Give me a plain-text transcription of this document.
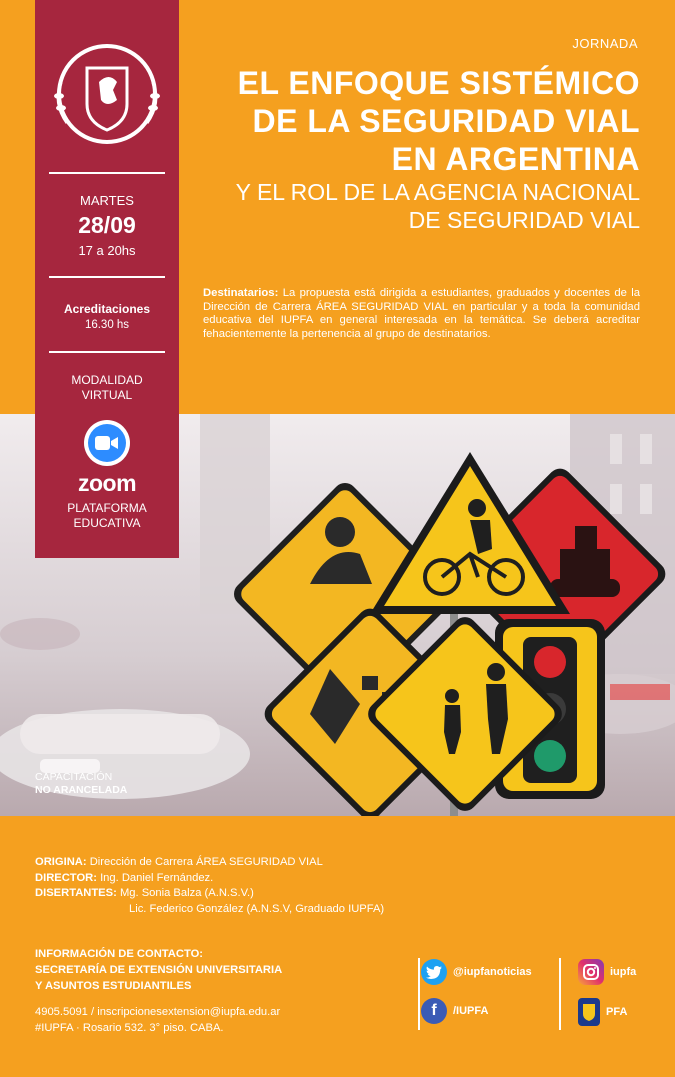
JORNADA
EL ENFOQUE SISTÉMICO
DE LA SEGURIDAD VIAL
EN ARGENTINA
Y EL ROL DE LA AGENCIA NACIONAL
DE SEGURIDAD VIAL
Destinatarios: La propuesta está dirigida a estudiantes, graduados y docentes de la Dirección de Carrera ÁREA SEGURIDAD VIAL en particular y a toda la comunidad educativa del IUPFA en general interesada en la temática. Se deberá acreditar fehacientemente la pertenencia al grupo de destinatarios.
MARTES
28/09
17 a 20hs
Acreditaciones
16.30 hs
MODALIDAD
VIRTUAL
zoom
PLATAFORMA
EDUCATIVA
CAPACITACIÓN
NO ARANCELADA
ORIGINA: Dirección de Carrera ÁREA SEGURIDAD VIAL
DIRECTOR: Ing. Daniel Fernández.
DISERTANTES: Mg. Sonia Balza (A.N.S.V.)
Lic. Federico González (A.N.S.V, Graduado IUPFA)
INFORMACIÓN DE CONTACTO:
SECRETARÍA DE EXTENSIÓN UNIVERSITARIA
Y ASUNTOS ESTUDIANTILES
4905.5091 / inscripcionesextension@iupfa.edu.ar
#IUPFA · Rosario 532. 3° piso. CABA.
@iupfanoticias
f /IUPFA
iupfa
PFA
